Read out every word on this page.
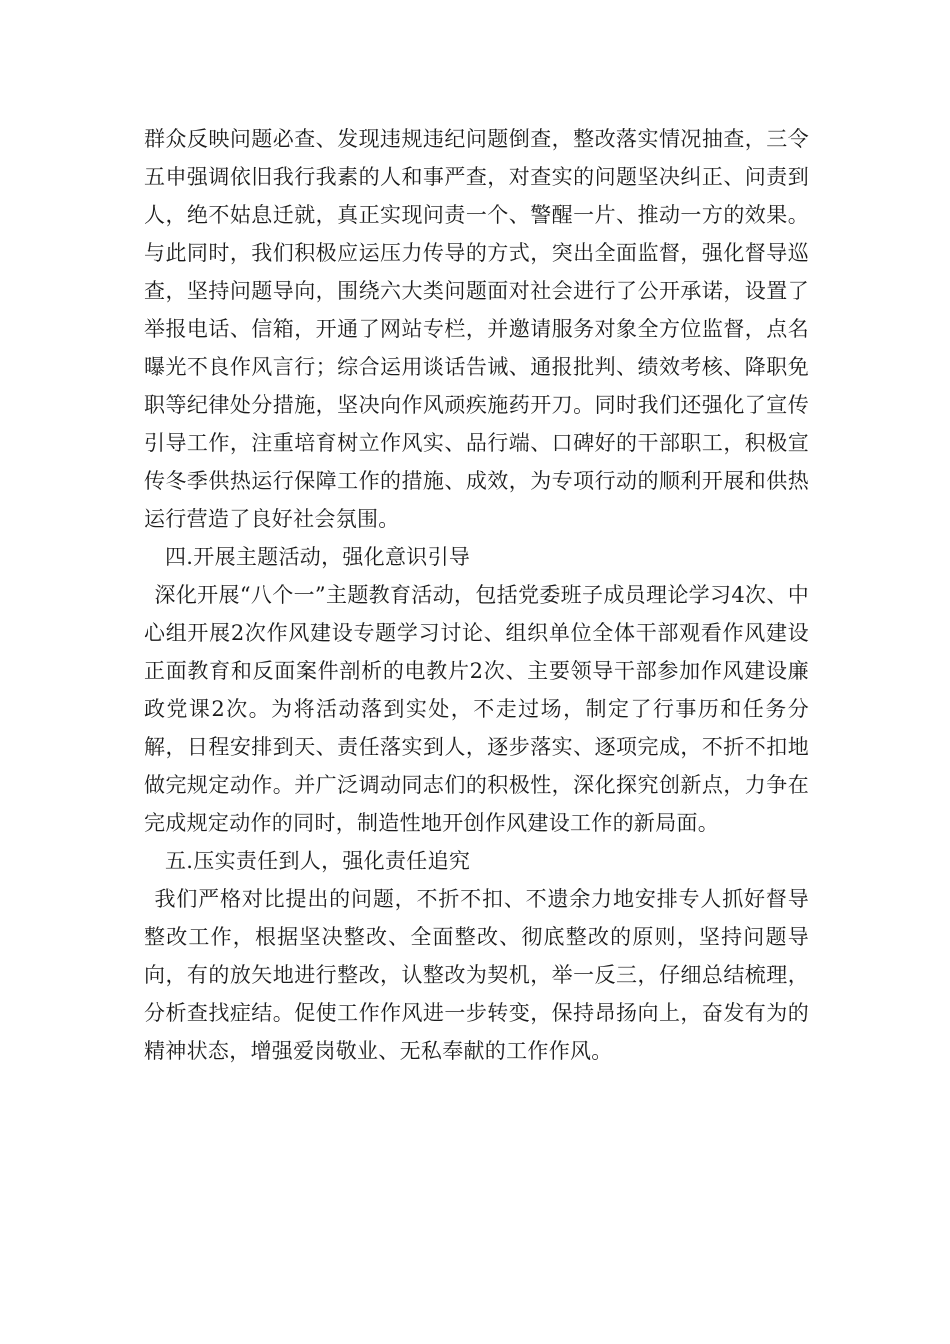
群众反映问题必查、发现违规违纪问题倒查，整改落实情况抽查，三令五申强调依旧我行我素的人和事严查，对查实的问题坚决纠正、问责到人，绝不姑息迁就，真正实现问责一个、警醒一片、推动一方的效果。与此同时，我们积极应运压力传导的方式，突出全面监督，强化督导巡查，坚持问题导向，围绕六大类问题面对社会进行了公开承诺，设置了举报电话、信箱，开通了网站专栏，并邀请服务对象全方位监督，点名曝光不良作风言行；综合运用谈话告诫、通报批判、绩效考核、降职免职等纪律处分措施，坚决向作风顽疾施药开刀。同时我们还强化了宣传引导工作，注重培育树立作风实、品行端、口碑好的干部职工，积极宣传冬季供热运行保障工作的措施、成效，为专项行动的顺利开展和供热运行营造了良好社会氛围。

四.开展主题活动，强化意识引导

深化开展“八个一”主题教育活动，包括党委班子成员理论学习4次、中心组开展2次作风建设专题学习讨论、组织单位全体干部观看作风建设正面教育和反面案件剖析的电教片2次、主要领导干部参加作风建设廉政党课2次。为将活动落到实处，不走过场，制定了行事历和任务分解，日程安排到天、责任落实到人，逐步落实、逐项完成，不折不扣地做完规定动作。并广泛调动同志们的积极性，深化探究创新点，力争在完成规定动作的同时，制造性地开创作风建设工作的新局面。

五.压实责任到人，强化责任追究

我们严格对比提出的问题，不折不扣、不遗余力地安排专人抓好督导整改工作，根据坚决整改、全面整改、彻底整改的原则，坚持问题导向，有的放矢地进行整改，认整改为契机，举一反三，仔细总结梳理，分析查找症结。促使工作作风进一步转变，保持昂扬向上，奋发有为的精神状态，增强爱岗敬业、无私奉献的工作作风。
